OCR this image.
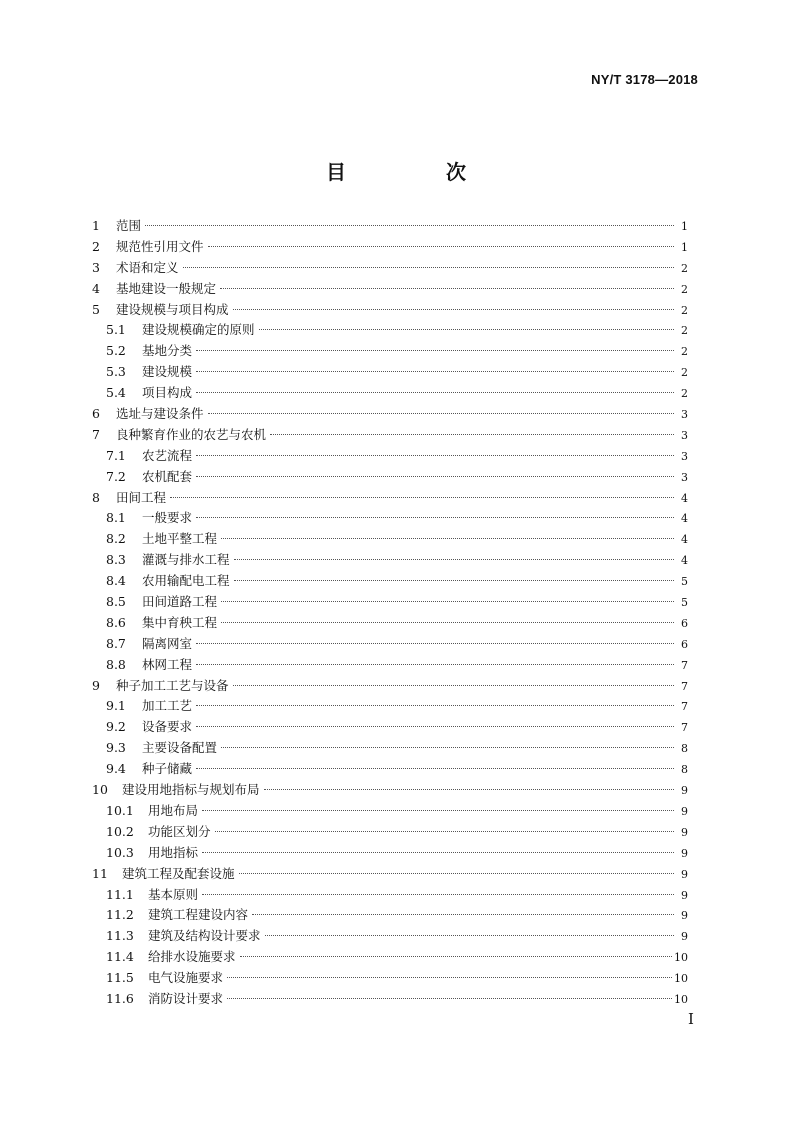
NY/T 3178—2018
目　次
1	范围	1
2	规范性引用文件	1
3	术语和定义	2
4	基地建设一般规定	2
5	建设规模与项目构成	2
5.1	建设规模确定的原则	2
5.2	基地分类	2
5.3	建设规模	2
5.4	项目构成	2
6	选址与建设条件	3
7	良种繁育作业的农艺与农机	3
7.1	农艺流程	3
7.2	农机配套	3
8	田间工程	4
8.1	一般要求	4
8.2	土地平整工程	4
8.3	灌溉与排水工程	4
8.4	农用输配电工程	5
8.5	田间道路工程	5
8.6	集中育秧工程	6
8.7	隔离网室	6
8.8	林网工程	7
9	种子加工工艺与设备	7
9.1	加工工艺	7
9.2	设备要求	7
9.3	主要设备配置	8
9.4	种子储藏	8
10	建设用地指标与规划布局	9
10.1	用地布局	9
10.2	功能区划分	9
10.3	用地指标	9
11	建筑工程及配套设施	9
11.1	基本原则	9
11.2	建筑工程建设内容	9
11.3	建筑及结构设计要求	9
11.4	给排水设施要求	10
11.5	电气设施要求	10
11.6	消防设计要求	10
I
